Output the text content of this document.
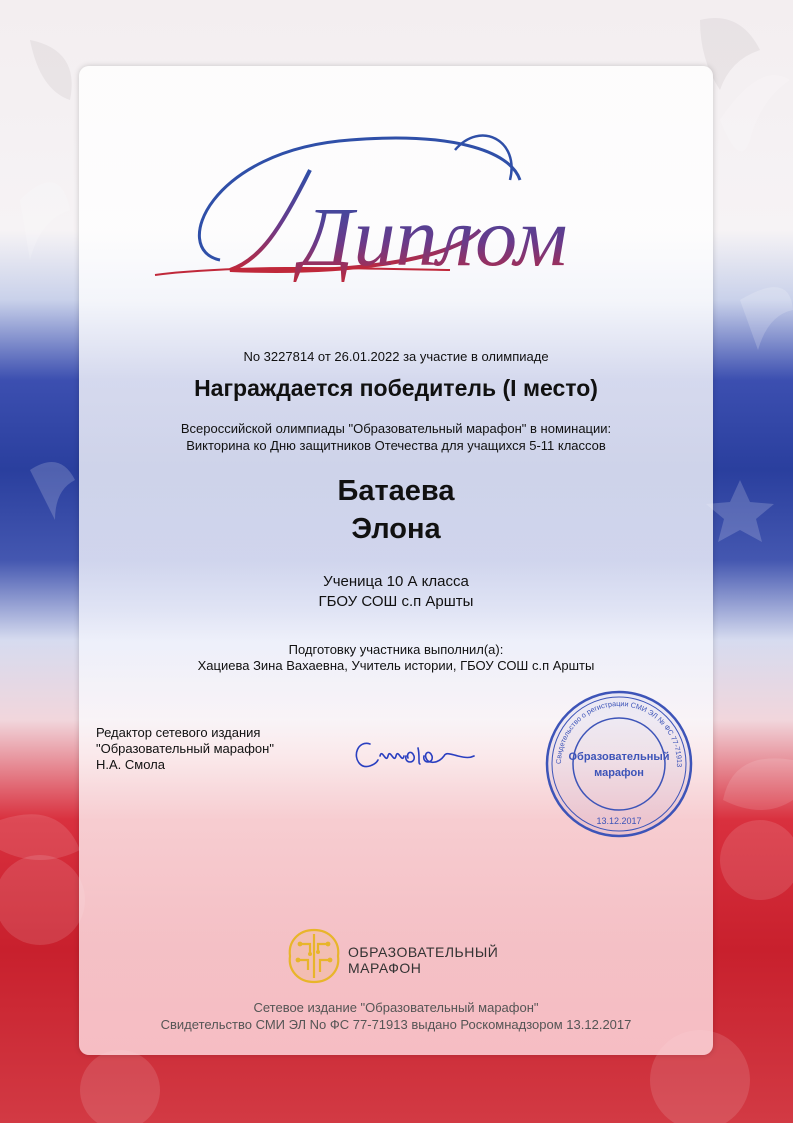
Диплом
No 3227814 от 26.01.2022 за участие в олимпиаде
Награждается победитель (I место)
Всероссийской олимпиады "Образовательный марафон" в номинации:
Викторина ко Дню защитников Отечества для учащихся 5-11 классов
Батаева
Элона
Ученица 10 А класса
ГБОУ СОШ с.п Аршты
Подготовку участника выполнил(а):
Хациева Зина Вахаевна, Учитель истории, ГБОУ СОШ с.п Аршты
Редактор сетевого издания
"Образовательный марафон"
Н.А. Смола	Свидетельство о регистрации СМИ ЭЛ № ФС 77-71913
13.12.2017
Образовательный
марафон
ОБРАЗОВАТЕЛЬНЫЙ
МАРАФОН
Сетевое издание "Образовательный марафон"
Свидетельство СМИ ЭЛ No ФС 77-71913 выдано Роскомнадзором 13.12.2017
